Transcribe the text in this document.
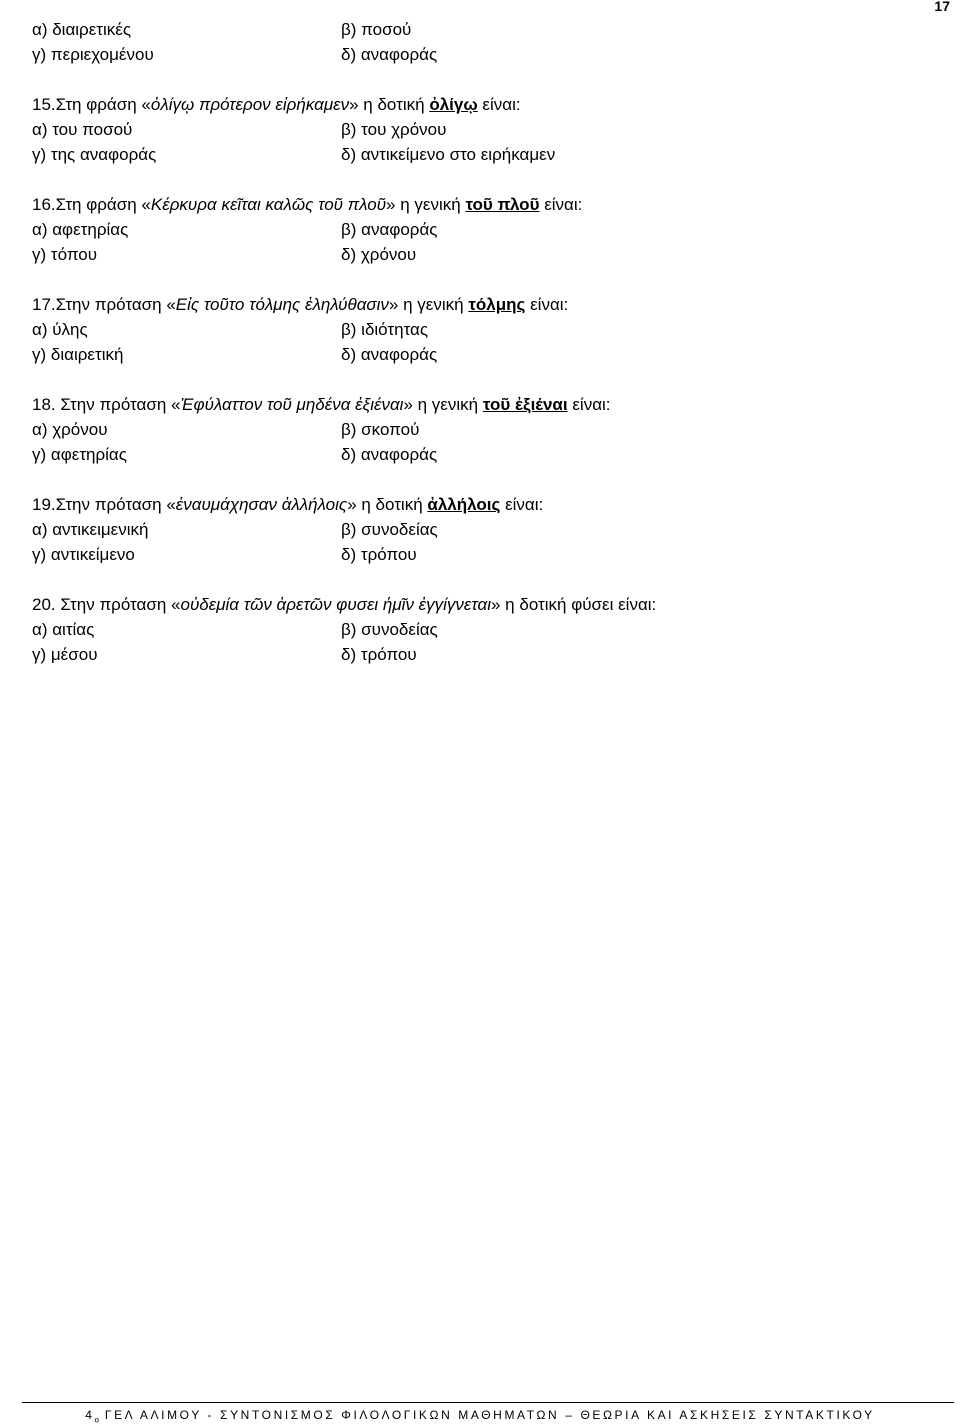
17
α) διαιρετικές	β) ποσού
γ) περιεχομένου	δ) αναφοράς
15.Στη φράση «ὀλίγῳ πρότερον εἰρήκαμεν» η δοτική ὀλίγῳ είναι:
α) του ποσού	β) του χρόνου
γ) της αναφοράς	δ) αντικείμενο στο ειρήκαμεν
16.Στη φράση «Κέρκυρα κεῖται καλῶς τοῦ πλοῦ» η γενική τοῦ πλοῦ είναι:
α) αφετηρίας	β) αναφοράς
γ) τόπου	δ) χρόνου
17.Στην πρόταση «Εἰς τοῦτο τόλμης ἐληλύθασιν» η γενική τόλμης είναι:
α) ύλης	β) ιδιότητας
γ) διαιρετική	δ) αναφοράς
18. Στην πρόταση «Ἐφύλαττον τοῦ μηδένα ἐξιέναι» η γενική τοῦ ἐξιέναι είναι:
α) χρόνου	β) σκοπού
γ) αφετηρίας	δ) αναφοράς
19.Στην πρόταση «ἐναυμάχησαν ἀλλήλοις» η δοτική ἀλλήλοις είναι:
α) αντικειμενική	β) συνοδείας
γ) αντικείμενο	δ) τρόπου
20. Στην πρόταση «οὐδεμία τῶν ἀρετῶν φυσει ἡμῖν ἐγγίγνεται» η δοτική φύσει είναι:
α) αιτίας	β) συνοδείας
γ) μέσου	δ) τρόπου
$4_o$ ΓΕΛ ΑΛΙΜΟΥ - ΣΥΝΤΟΝΙΣΜΟΣ ΦΙΛΟΛΟΓΙΚΩΝ ΜΑΘΗΜΑΤΩΝ – ΘΕΩΡΙΑ ΚΑΙ ΑΣΚΗΣΕΙΣ ΣΥΝΤΑΚΤΙΚΟΥ
